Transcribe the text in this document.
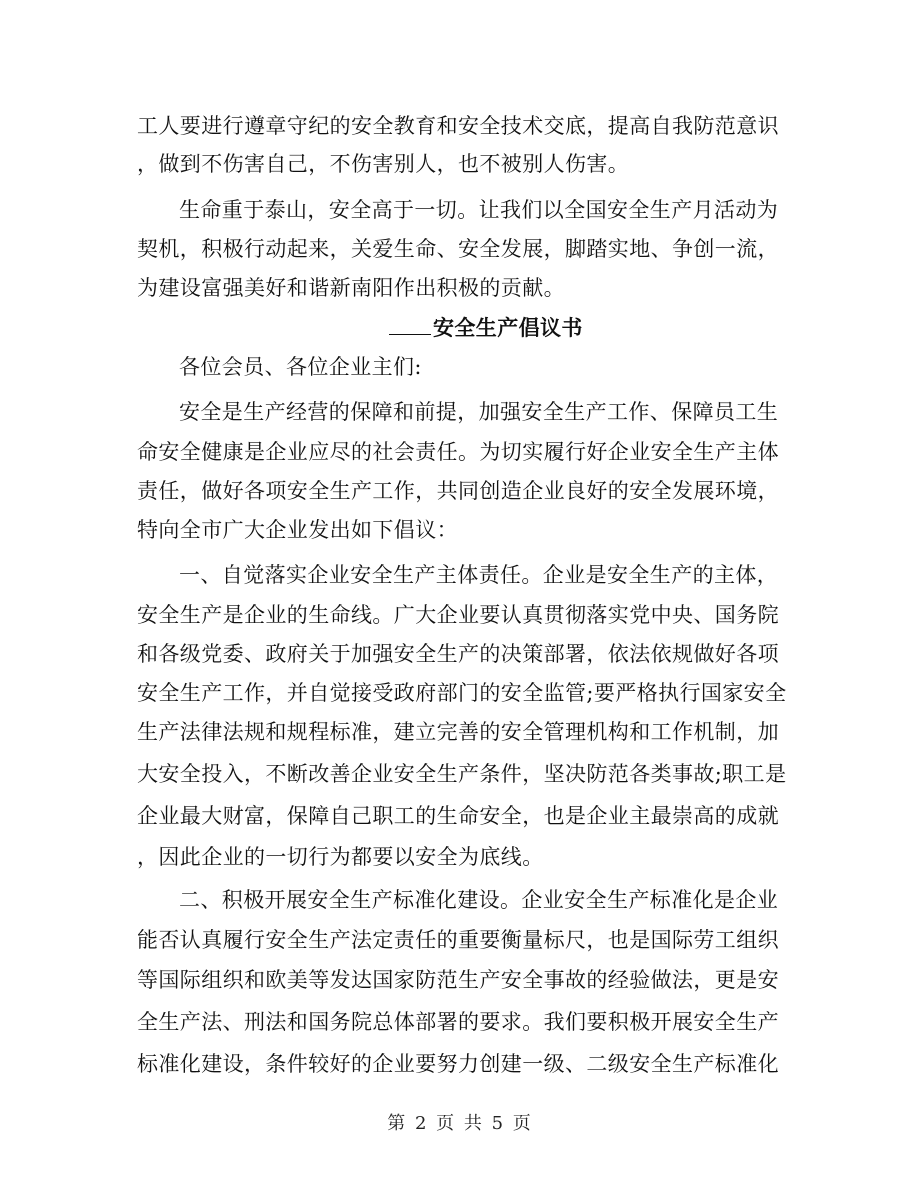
工人要进行遵章守纪的安全教育和安全技术交底，提高自我防范意识
，做到不伤害自己，不伤害别人，也不被别人伤害。
生命重于泰山，安全高于一切。让我们以全国安全生产月活动为
契机，积极行动起来，关爱生命、安全发展，脚踏实地、争创一流，
为建设富强美好和谐新南阳作出积极的贡献。
安全生产倡议书
各位会员、各位企业主们:
安全是生产经营的保障和前提，加强安全生产工作、保障员工生
命安全健康是企业应尽的社会责任。为切实履行好企业安全生产主体
责任，做好各项安全生产工作，共同创造企业良好的安全发展环境，
特向全市广大企业发出如下倡议：
一、自觉落实企业安全生产主体责任。企业是安全生产的主体，
安全生产是企业的生命线。广大企业要认真贯彻落实党中央、国务院
和各级党委、政府关于加强安全生产的决策部署，依法依规做好各项
安全生产工作，并自觉接受政府部门的安全监管;要严格执行国家安全
生产法律法规和规程标准，建立完善的安全管理机构和工作机制，加
大安全投入，不断改善企业安全生产条件，坚决防范各类事故;职工是
企业最大财富，保障自己职工的生命安全，也是企业主最崇高的成就
，因此企业的一切行为都要以安全为底线。
二、积极开展安全生产标准化建设。企业安全生产标准化是企业
能否认真履行安全生产法定责任的重要衡量标尺，也是国际劳工组织
等国际组织和欧美等发达国家防范生产安全事故的经验做法，更是安
全生产法、刑法和国务院总体部署的要求。我们要积极开展安全生产
标准化建设，条件较好的企业要努力创建一级、二级安全生产标准化
第 2 页 共 5 页
